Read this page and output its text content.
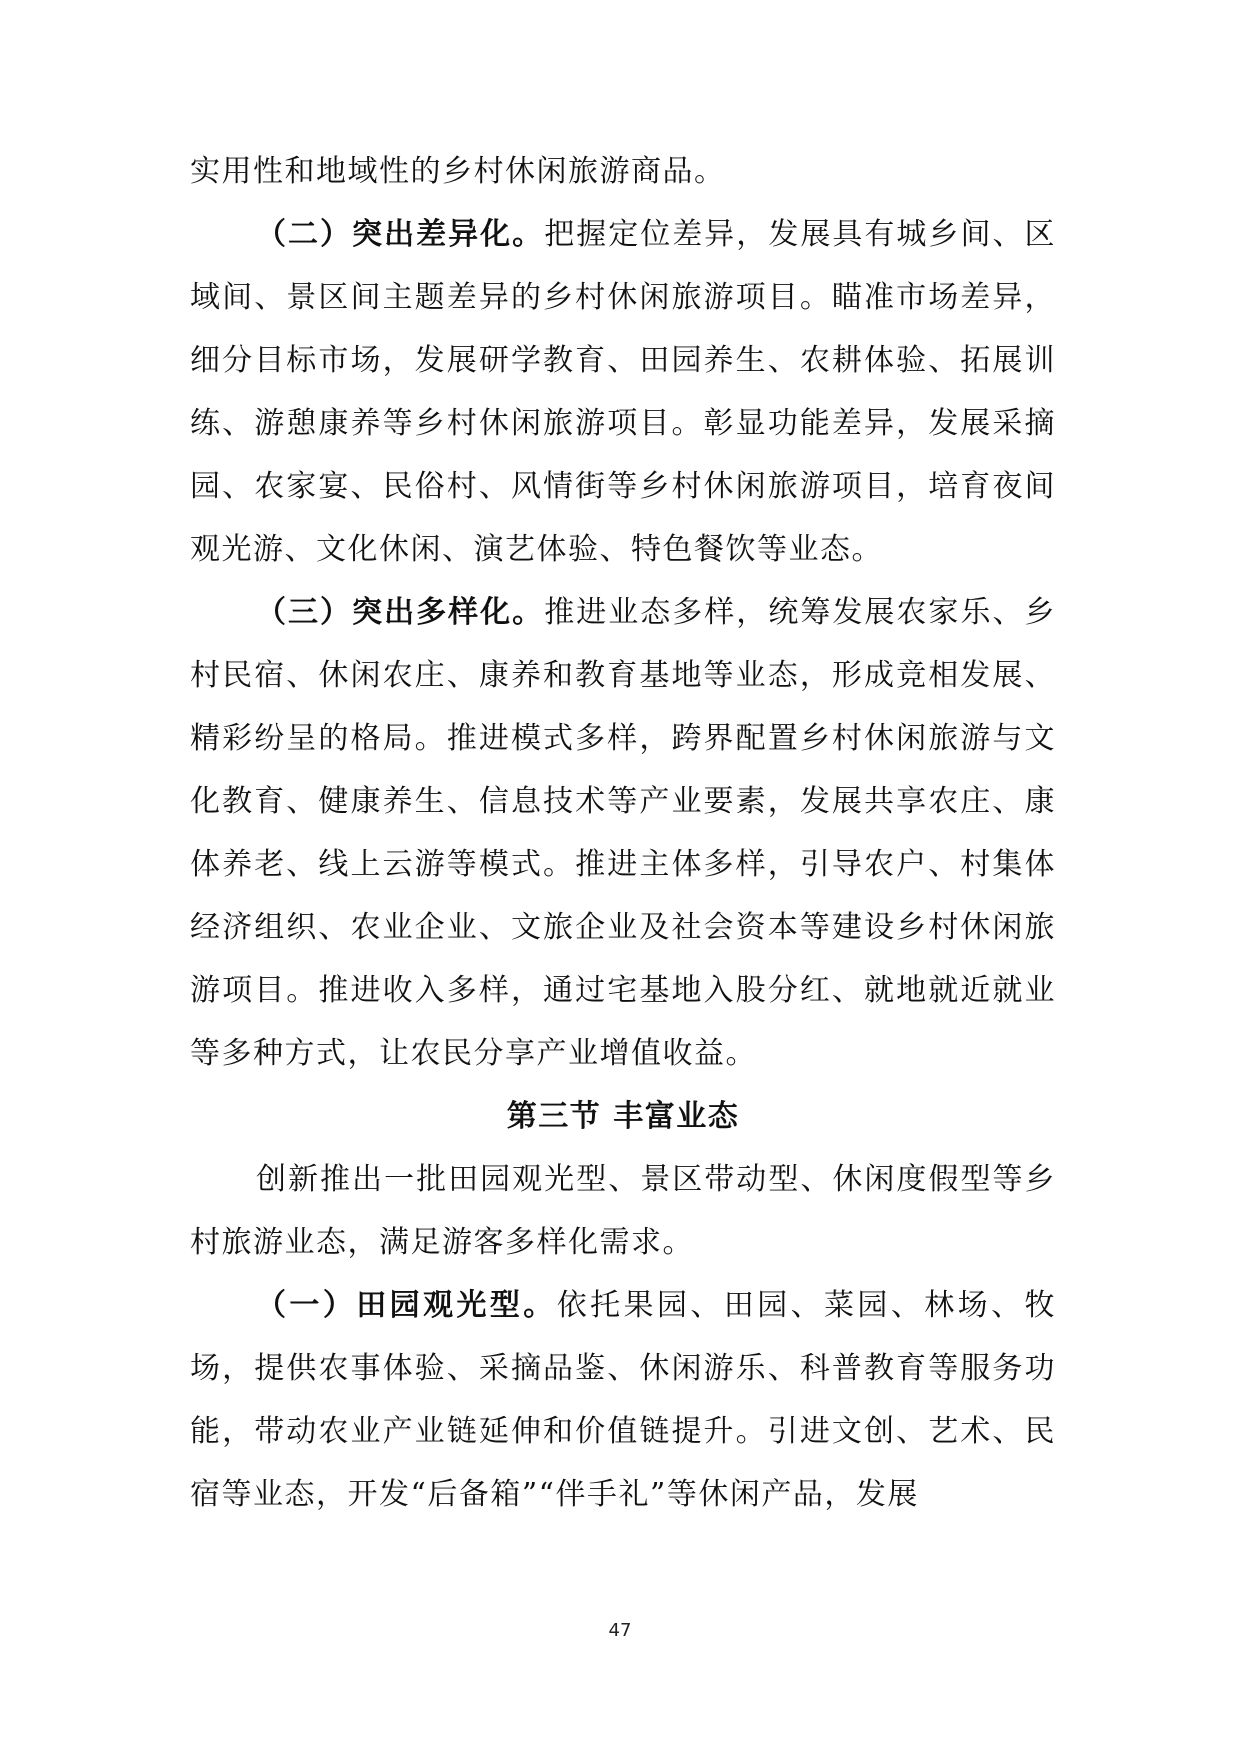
实用性和地域性的乡村休闲旅游商品。

（二）突出差异化。把握定位差异，发展具有城乡间、区域间、景区间主题差异的乡村休闲旅游项目。瞄准市场差异，细分目标市场，发展研学教育、田园养生、农耕体验、拓展训练、游憩康养等乡村休闲旅游项目。彰显功能差异，发展采摘园、农家宴、民俗村、风情街等乡村休闲旅游项目，培育夜间观光游、文化休闲、演艺体验、特色餐饮等业态。

（三）突出多样化。推进业态多样，统筹发展农家乐、乡村民宿、休闲农庄、康养和教育基地等业态，形成竞相发展、精彩纷呈的格局。推进模式多样，跨界配置乡村休闲旅游与文化教育、健康养生、信息技术等产业要素，发展共享农庄、康体养老、线上云游等模式。推进主体多样，引导农户、村集体经济组织、农业企业、文旅企业及社会资本等建设乡村休闲旅游项目。推进收入多样，通过宅基地入股分红、就地就近就业等多种方式，让农民分享产业增值收益。

第三节 丰富业态

创新推出一批田园观光型、景区带动型、休闲度假型等乡村旅游业态，满足游客多样化需求。

（一）田园观光型。依托果园、田园、菜园、林场、牧场，提供农事体验、采摘品鉴、休闲游乐、科普教育等服务功能，带动农业产业链延伸和价值链提升。引进文创、艺术、民宿等业态，开发“后备箱”“伴手礼”等休闲产品，发展

47
